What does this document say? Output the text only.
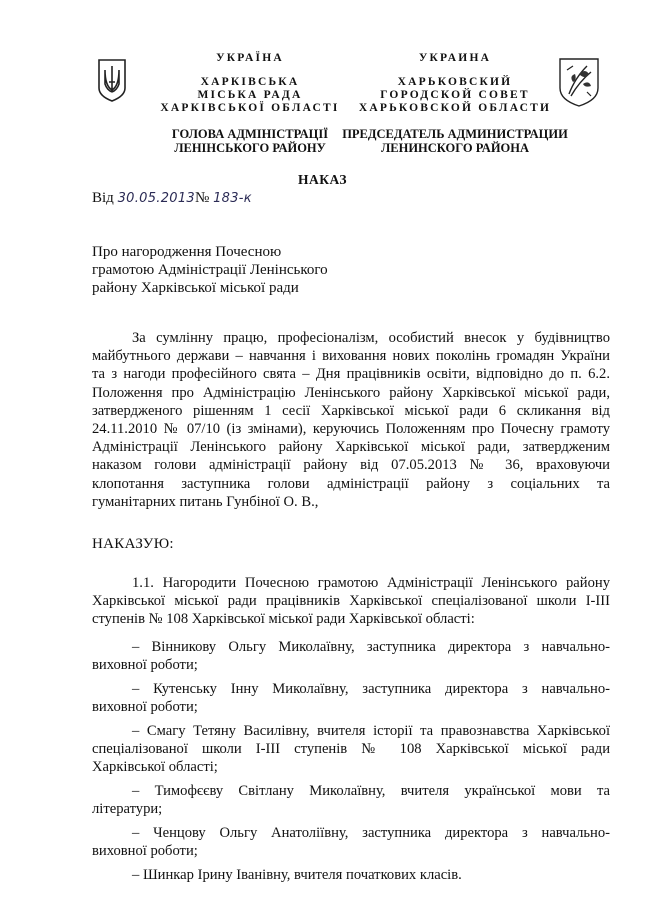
УКРАЇНА
ХАРКІВСЬКА
МІСЬКА РАДА
ХАРКІВСЬКОЇ ОБЛАСТІ
ГОЛОВА АДМІНІСТРАЦІЇ
ЛЕНІНСЬКОГО РАЙОНУ
УКРАИНА
ХАРЬКОВСКИЙ
ГОРОДСКОЙ СОВЕТ
ХАРЬКОВСКОЙ ОБЛАСТИ
ПРЕДСЕДАТЕЛЬ АДМИНИСТРАЦИИ
ЛЕНИНСКОГО РАЙОНА
НАКАЗ
Від 30.05.2013№ 183-к
Про нагородження Почесною
грамотою Адміністрації Ленінського
району Харківської міської ради
За сумлінну працю, професіоналізм, особистий внесок у будівництво
майбутнього держави – навчання і виховання нових поколінь громадян України
та з нагоди професійного свята – Дня працівників освіти, відповідно до п. 6.2.
Положення про Адміністрацію Ленінського району Харківської міської ради,
затвердженого рішенням 1 сесії Харківської міської ради 6 скликання від
24.11.2010 № 07/10 (із змінами), керуючись Положенням про Почесну грамоту
Адміністрації Ленінського району Харківської міської ради, затвердженим
наказом голови адміністрації району від 07.05.2013 № 36, враховуючи
клопотання заступника голови адміністрації району з соціальних та
гуманітарних питань Гунбіної О. В.,
НАКАЗУЮ:
1.1. Нагородити Почесною грамотою Адміністрації Ленінського району
Харківської міської ради працівників Харківської спеціалізованої школи І-ІІІ
ступенів № 108 Харківської міської ради Харківської області:
– Вінникову Ольгу Миколаївну, заступника директора з навчально-
виховної роботи;
– Кутенську Інну Миколаївну, заступника директора з навчально-
виховної роботи;
– Смагу Тетяну Василівну, вчителя історії та правознавства Харківської
спеціалізованої школи І-ІІІ ступенів № 108 Харківської міської ради
Харківської області;
– Тимофєєву Світлану Миколаївну, вчителя української мови та
літератури;
– Ченцову Ольгу Анатоліївну, заступника директора з навчально-
виховної роботи;
– Шинкар Ірину Іванівну, вчителя початкових класів.
